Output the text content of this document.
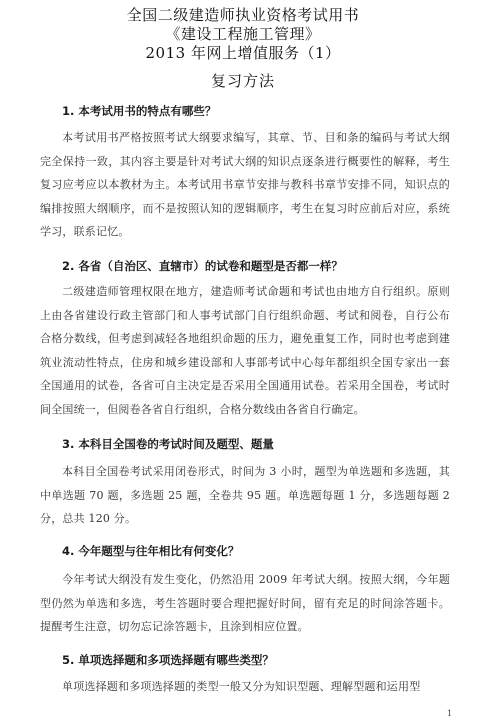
全国二级建造师执业资格考试用书
《建设工程施工管理》
2013 年网上增值服务（1）
复习方法
1. 本考试用书的特点有哪些？
本考试用书严格按照考试大纲要求编写，其章、节、目和条的编码与考试大纲完全保持一致，其内容主要是针对考试大纲的知识点逐条进行概要性的解释，考生复习应考应以本教材为主。本考试用书章节安排与教科书章节安排不同，知识点的编排按照大纲顺序，而不是按照认知的逻辑顺序，考生在复习时应前后对应，系统学习，联系记忆。
2. 各省（自治区、直辖市）的试卷和题型是否都一样？
二级建造师管理权限在地方，建造师考试命题和考试也由地方自行组织。原则上由各省建设行政主管部门和人事考试部门自行组织命题、考试和阅卷，自行公布合格分数线，但考虑到减轻各地组织命题的压力，避免重复工作，同时也考虑到建筑业流动性特点，住房和城乡建设部和人事部考试中心每年都组织全国专家出一套全国通用的试卷，各省可自主决定是否采用全国通用试卷。若采用全国卷，考试时间全国统一，但阅卷各省自行组织，合格分数线由各省自行确定。
3. 本科目全国卷的考试时间及题型、题量
本科目全国卷考试采用闭卷形式，时间为 3 小时，题型为单选题和多选题，其中单选题 70 题，多选题 25 题，全卷共 95 题。单选题每题 1 分，多选题每题 2 分，总共 120 分。
4. 今年题型与往年相比有何变化？
今年考试大纲没有发生变化，仍然沿用 2009 年考试大纲。按照大纲，今年题型仍然为单选和多选，考生答题时要合理把握好时间，留有充足的时间涂答题卡。提醒考生注意，切勿忘记涂答题卡，且涂到相应位置。
5. 单项选择题和多项选择题有哪些类型？
单项选择题和多项选择题的类型一般又分为知识型题、理解型题和运用型
1
